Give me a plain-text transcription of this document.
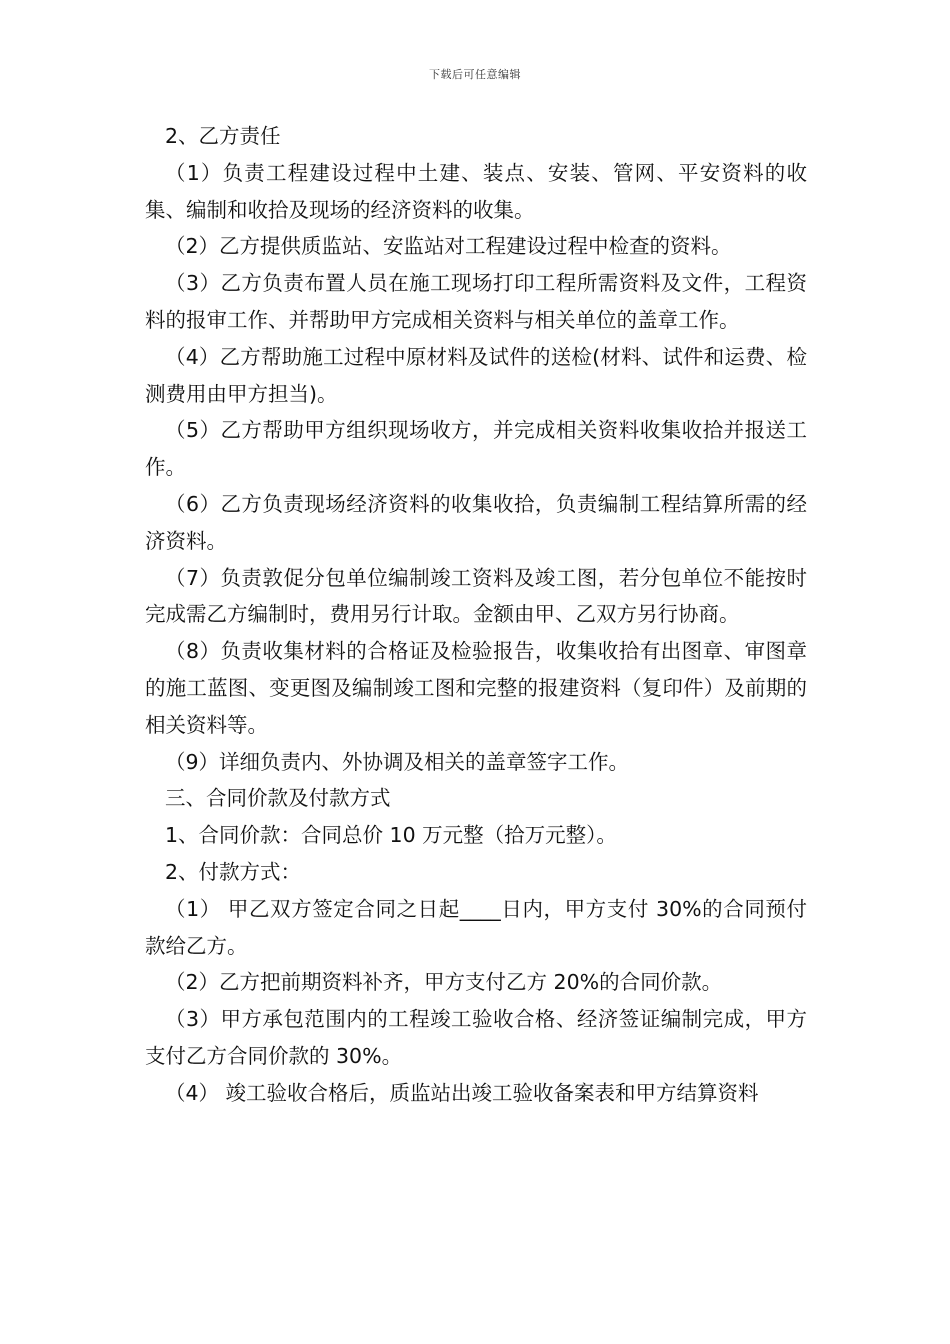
下载后可任意编辑

2、乙方责任

（1）负责工程建设过程中土建、装点、安装、管网、平安资料的收集、编制和收拾及现场的经济资料的收集。

（2）乙方提供质监站、安监站对工程建设过程中检查的资料。

（3）乙方负责布置人员在施工现场打印工程所需资料及文件，工程资料的报审工作、并帮助甲方完成相关资料与相关单位的盖章工作。

（4）乙方帮助施工过程中原材料及试件的送检(材料、试件和运费、检测费用由甲方担当)。

（5）乙方帮助甲方组织现场收方，并完成相关资料收集收拾并报送工作。

（6）乙方负责现场经济资料的收集收拾，负责编制工程结算所需的经济资料。

（7）负责敦促分包单位编制竣工资料及竣工图，若分包单位不能按时完成需乙方编制时，费用另行计取。金额由甲、乙双方另行协商。

（8）负责收集材料的合格证及检验报告，收集收拾有出图章、审图章的施工蓝图、变更图及编制竣工图和完整的报建资料（复印件）及前期的相关资料等。

（9）详细负责内、外协调及相关的盖章签字工作。

三、合同价款及付款方式

1、合同价款：合同总价 10 万元整（拾万元整）。

2、付款方式：

（1） 甲乙双方签定合同之日起____日内，甲方支付 30%的合同预付款给乙方。

（2）乙方把前期资料补齐，甲方支付乙方 20%的合同价款。

（3）甲方承包范围内的工程竣工验收合格、经济签证编制完成，甲方支付乙方合同价款的 30%。

（4） 竣工验收合格后，质监站出竣工验收备案表和甲方结算资料
